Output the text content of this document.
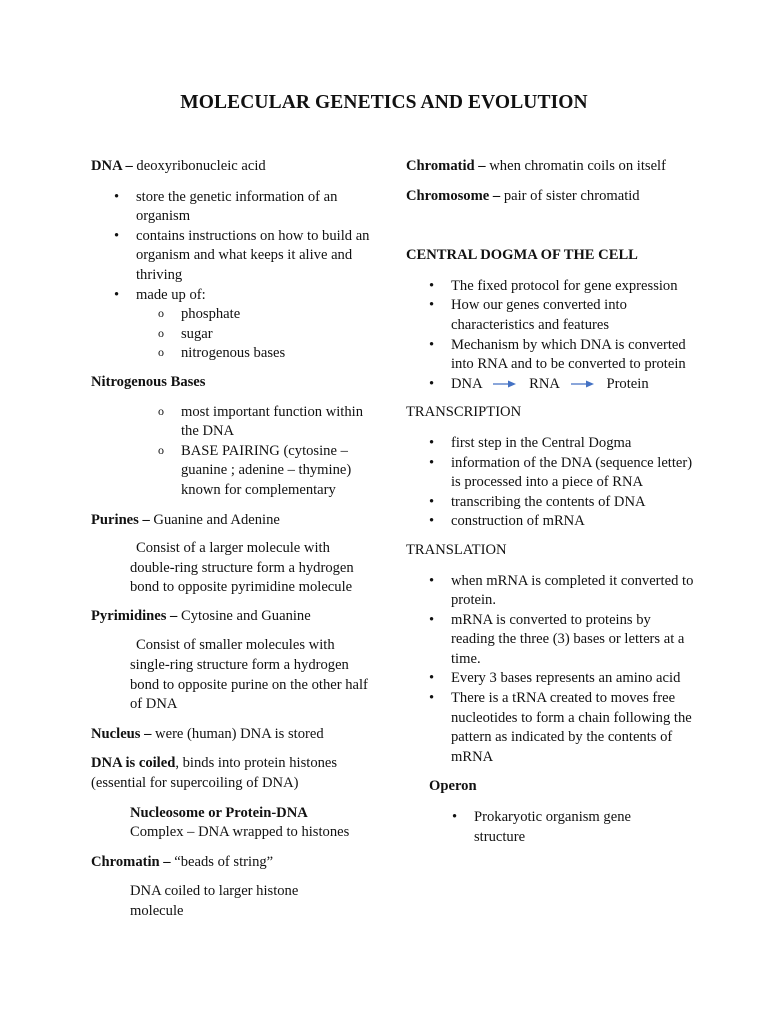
MOLECULAR GENETICS AND EVOLUTION

DNA – deoxyribonucleic acid

• store the genetic information of an organism
• contains instructions on how to build an organism and what keeps it alive and thriving
• made up of:
o phosphate
o sugar
o nitrogenous bases

Nitrogenous Bases

o most important function within the DNA
o BASE PAIRING (cytosine – guanine ; adenine – thymine) known for complementary

Purines – Guanine and Adenine

Consist of a larger molecule with double-ring structure form a hydrogen bond to opposite pyrimidine molecule

Pyrimidines – Cytosine and Guanine

Consist of smaller molecules with single-ring structure form a hydrogen bond to opposite purine on the other half of DNA

Nucleus – were (human) DNA is stored

DNA is coiled, binds into protein histones (essential for supercoiling of DNA)

Nucleosome or Protein-DNA

Complex – DNA wrapped to histones

Chromatin – “beads of string”

DNA coiled to larger histone molecule

Chromatid – when chromatin coils on itself

Chromosome – pair of sister chromatid

CENTRAL DOGMA OF THE CELL

• The fixed protocol for gene expression
• How our genes converted into characteristics and features
• Mechanism by which DNA is converted into RNA and to be converted to protein
• DNA	RNA	Protein

TRANSCRIPTION

• first step in the Central Dogma
• information of the DNA (sequence letter) is processed into a piece of RNA
• transcribing the contents of DNA
• construction of mRNA

TRANSLATION

• when mRNA is completed it converted to protein.
• mRNA is converted to proteins by reading the three (3) bases or letters at a time.
• Every 3 bases represents an amino acid
• There is a tRNA created to moves free nucleotides to form a chain following the pattern as indicated by the contents of mRNA

Operon

• Prokaryotic organism gene structure
